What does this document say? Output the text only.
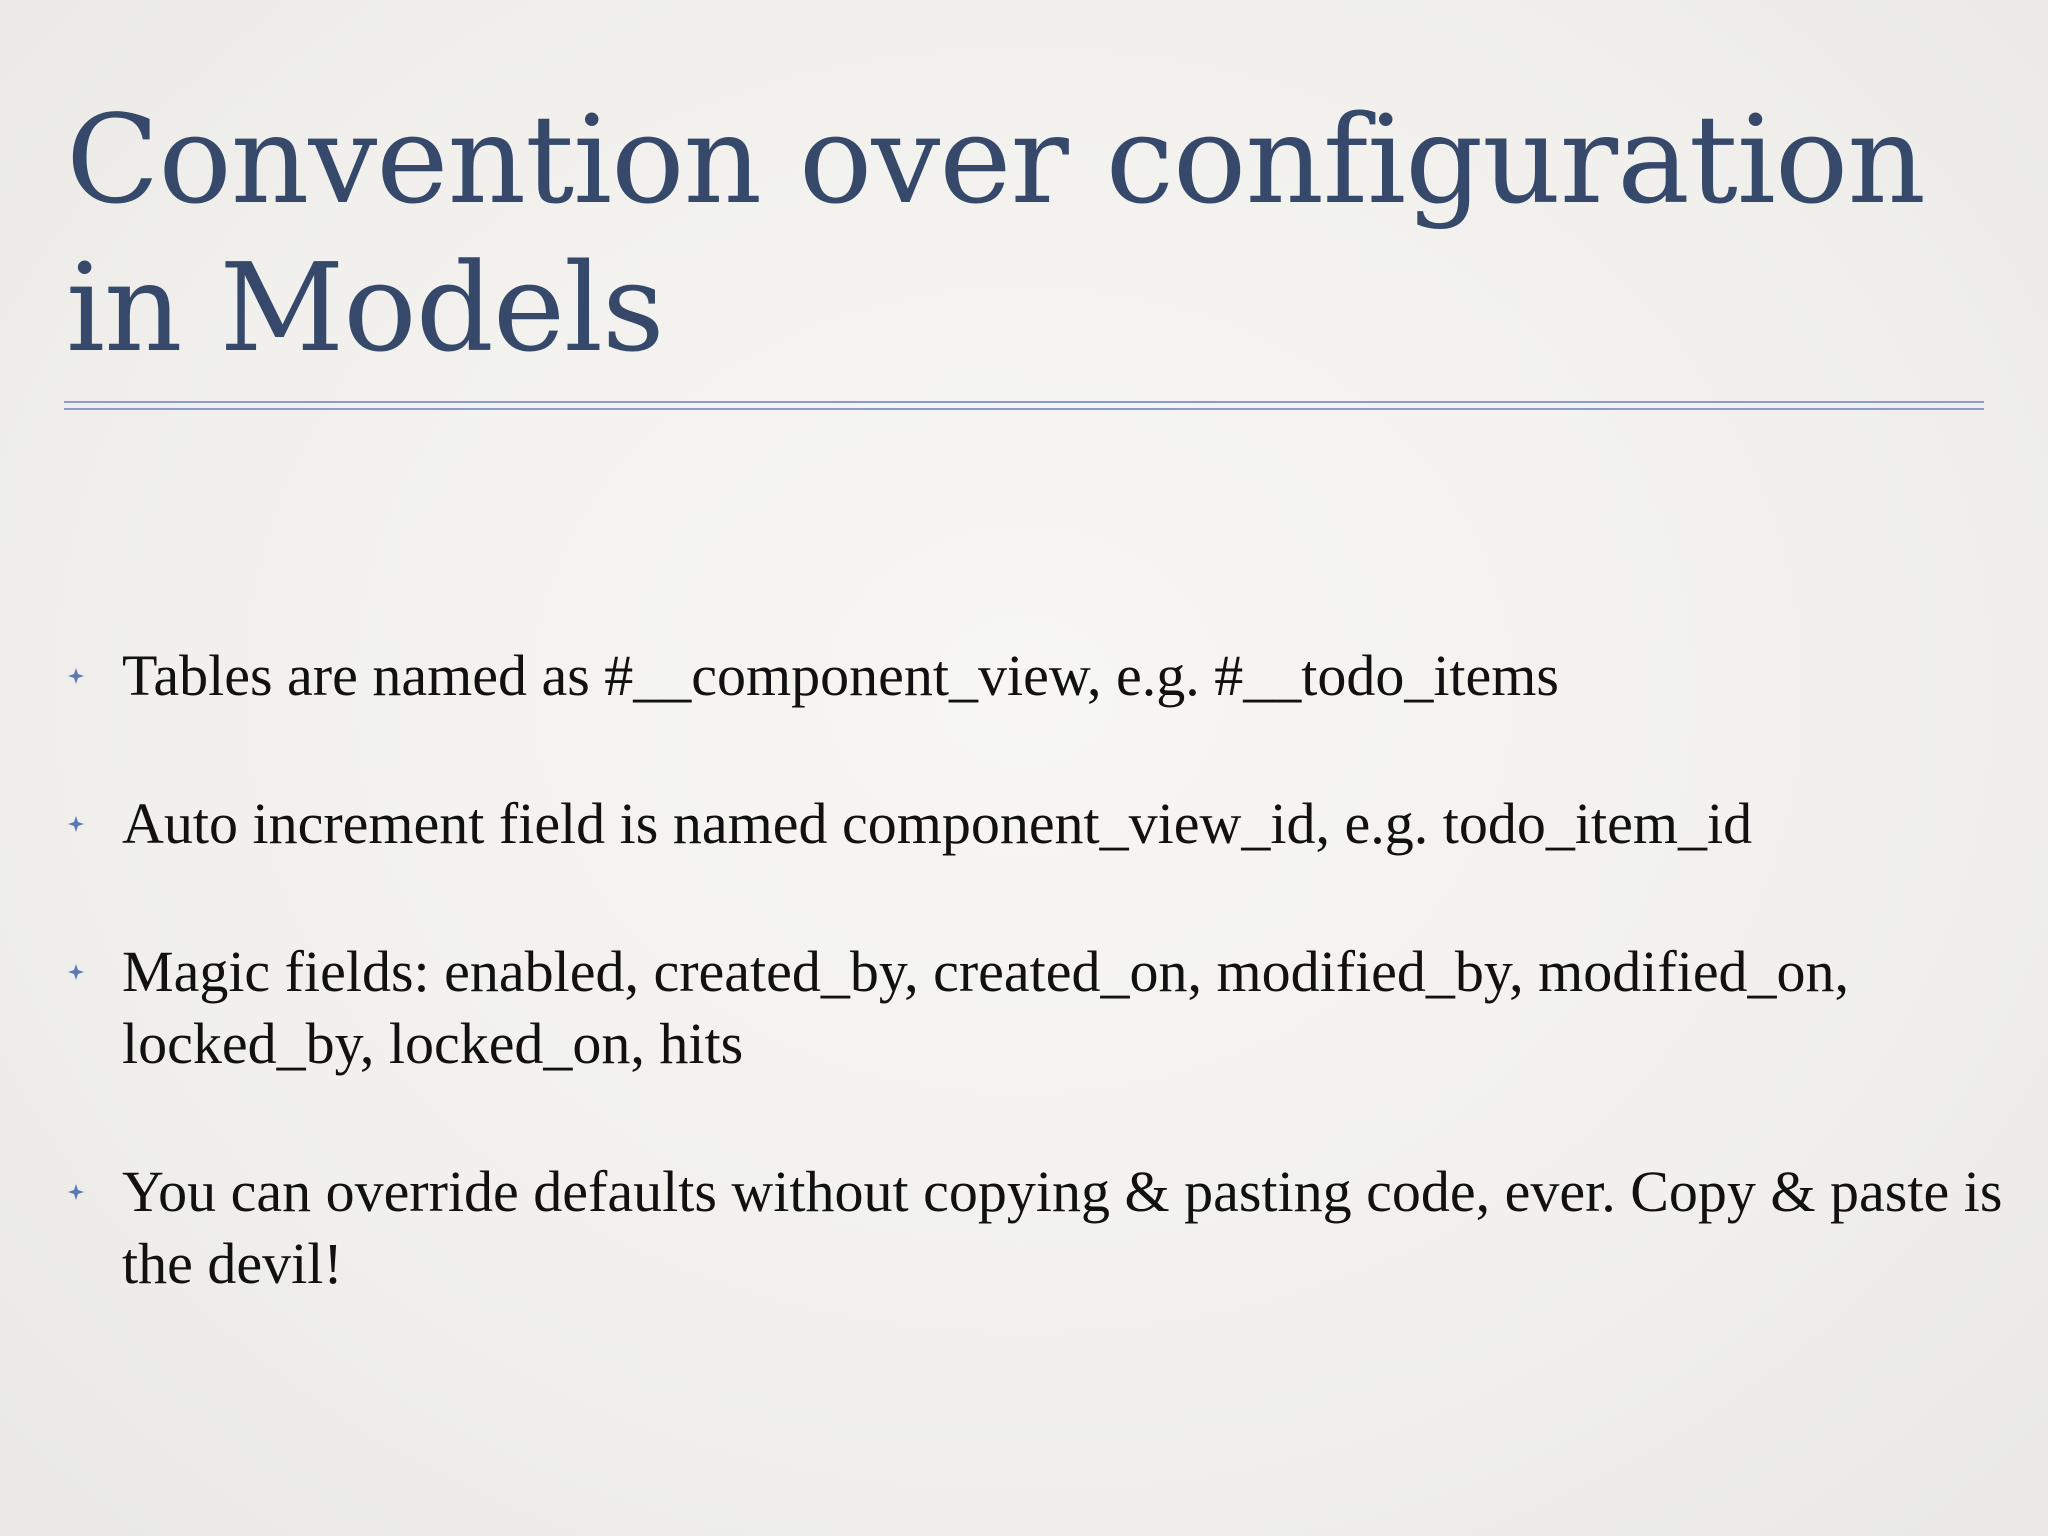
Convention over configuration in Models
Tables are named as #__component_view, e.g. #__todo_items
Auto increment field is named component_view_id, e.g. todo_item_id
Magic fields: enabled, created_by, created_on, modified_by, modified_on, locked_by, locked_on, hits
You can override defaults without copying & pasting code, ever. Copy & paste is the devil!
